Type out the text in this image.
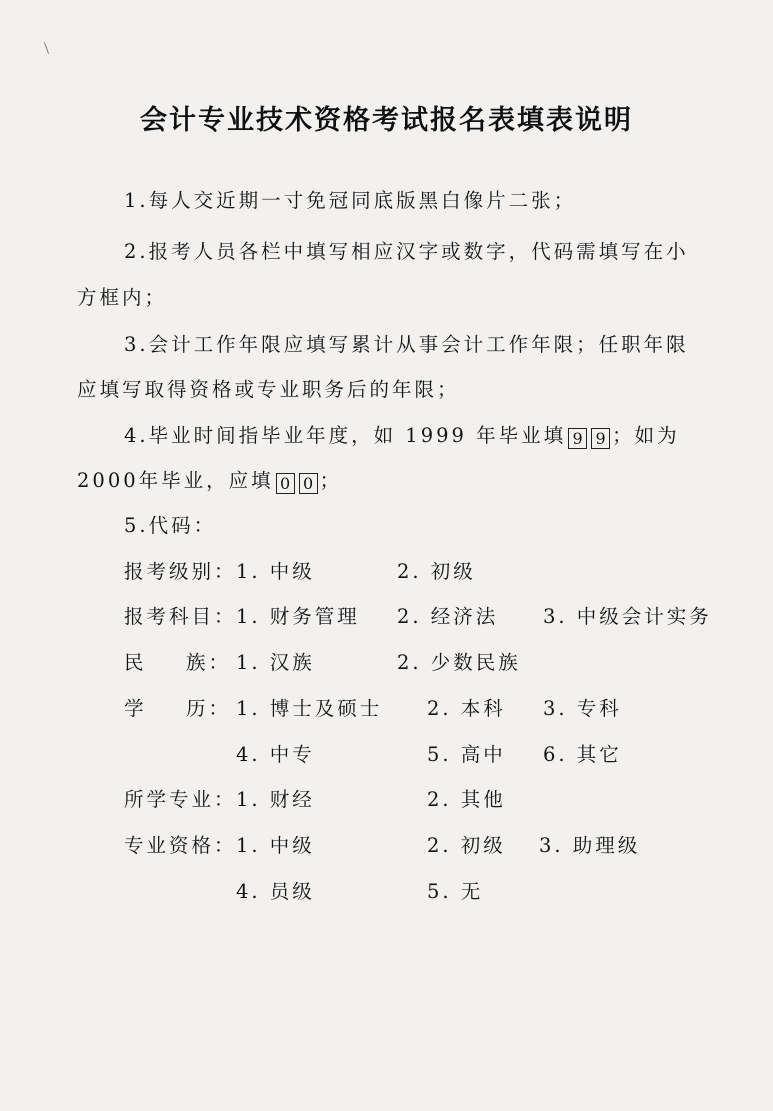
会计专业技术资格考试报名表填表说明
1.每人交近期一寸免冠同底版黑白像片二张；
2.报考人员各栏中填写相应汉字或数字，代码需填写在小
方框内；
3.会计工作年限应填写累计从事会计工作年限；任职年限
应填写取得资格或专业职务后的年限；
4.毕业时间指毕业年度，如 1999 年毕业填 9 9 ；如为
2000年毕业，应填 0 0 ；
5.代码：
报考级别： 1. 中级	2. 初级
报考科目： 1. 财务管理 2. 经济法 3. 中级会计实务
民 族： 1. 汉族	2. 少数民族
学 历： 1. 博士及硕士 2. 本科 3. 专科
4. 中专	5. 高中 6. 其它
所学专业： 1. 财经	2. 其他
专业资格： 1. 中级	2. 初级 3. 助理级
4. 员级	5. 无
